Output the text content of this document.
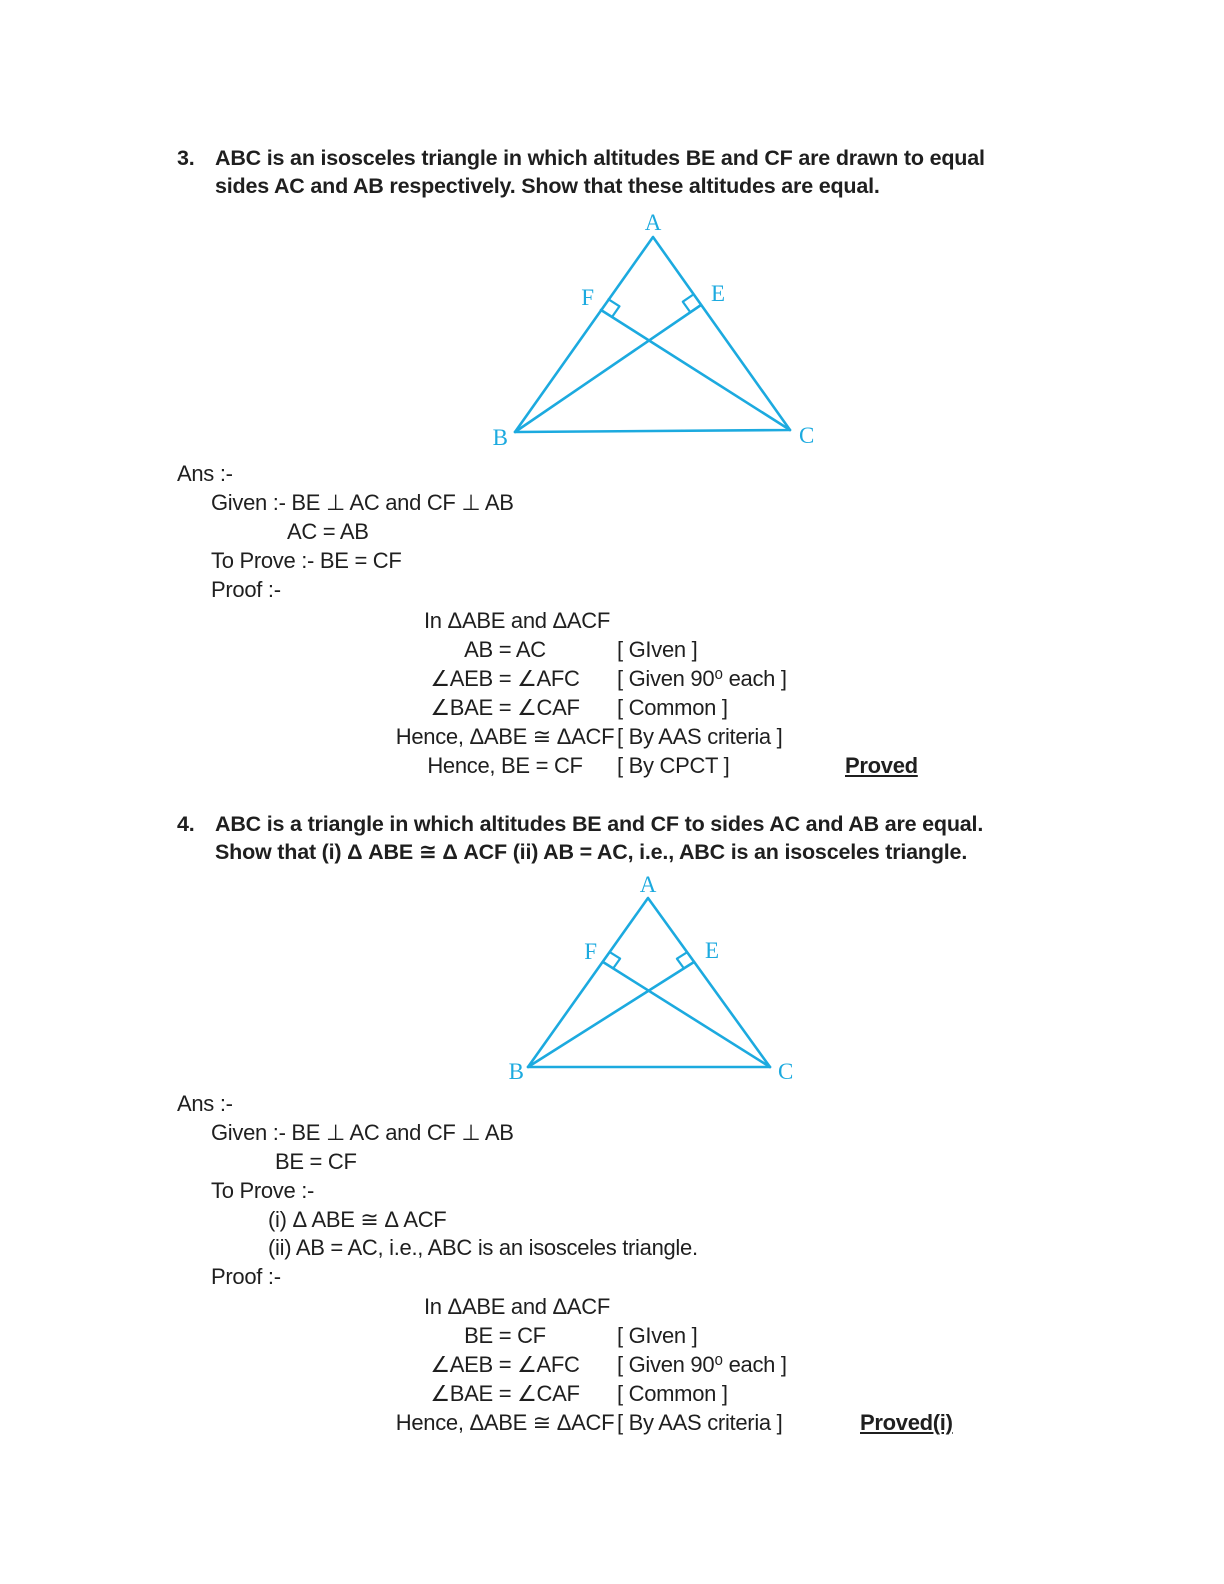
3. ABC is an isosceles triangle in which altitudes BE and CF are drawn to equal
sides AC and AB respectively. Show that these altitudes are equal.
A
B	C
F	E
Ans :-
Given :- BE ⊥ AC and CF ⊥ AB
AC = AB
To Prove :- BE = CF
Proof :-
In ΔABE and ΔACF
AB = AC	[ GIven ]
∠AEB = ∠AFC	[ Given 90⁰ each ]
∠BAE = ∠CAF	[ Common ]
Hence, ΔABE ≅ ΔACF [ By AAS criteria ]
Hence, BE = CF	[ By CPCT ]	Proved
4. ABC is a triangle in which altitudes BE and CF to sides AC and AB are equal.
Show that (i) Δ ABE ≅ Δ ACF (ii) AB = AC, i.e., ABC is an isosceles triangle.
A
B	C
F	E
Ans :-
Given :- BE ⊥ AC and CF ⊥ AB
BE = CF
To Prove :-
(i) Δ ABE ≅ Δ ACF
(ii) AB = AC, i.e., ABC is an isosceles triangle.
Proof :-
In ΔABE and ΔACF
BE = CF	[ GIven ]
∠AEB = ∠AFC	[ Given 90⁰ each ]
∠BAE = ∠CAF	[ Common ]
Hence, ΔABE ≅ ΔACF [ By AAS criteria ]	Proved(i)
